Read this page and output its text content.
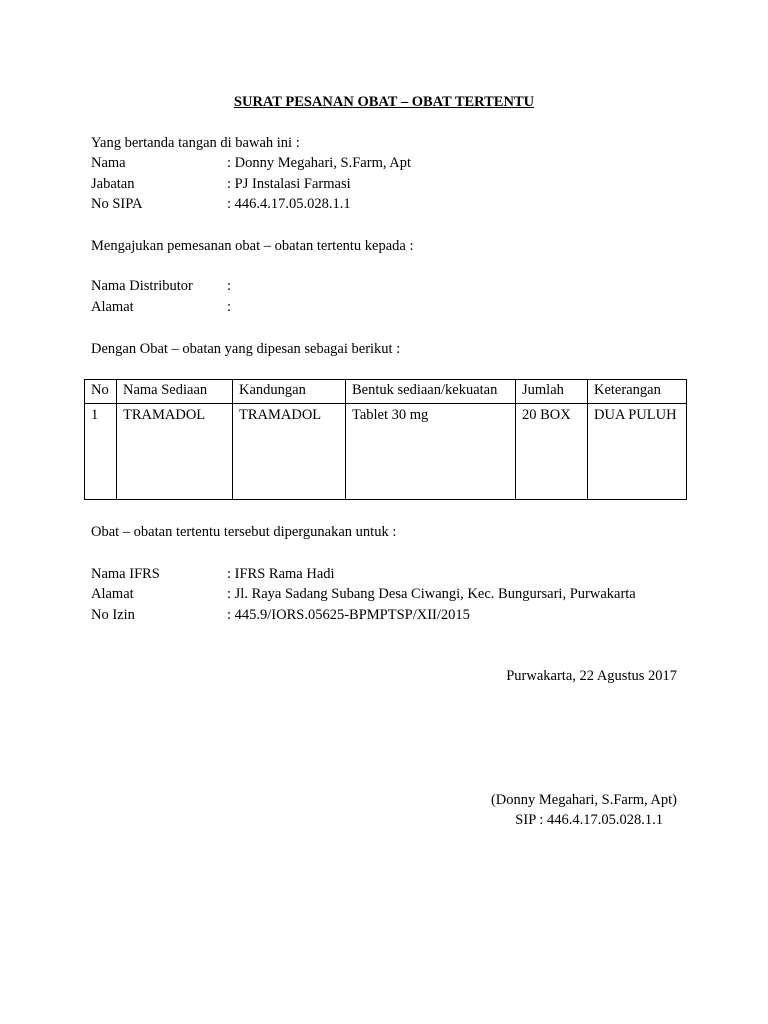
SURAT PESANAN OBAT – OBAT TERTENTU
Yang bertanda tangan di bawah ini :
Nama	: Donny Megahari, S.Farm, Apt
Jabatan	: PJ Instalasi Farmasi
No SIPA	: 446.4.17.05.028.1.1
Mengajukan pemesanan obat – obatan tertentu kepada :
Nama Distributor :
Alamat	:
Dengan Obat – obatan yang dipesan sebagai berikut :
No	Nama Sediaan	Kandungan	Bentuk sediaan/kekuatan	Jumlah	Keterangan
1	TRAMADOL	TRAMADOL	Tablet 30 mg	20 BOX	DUA PULUH
Obat – obatan tertentu tersebut dipergunakan untuk :
Nama IFRS	: IFRS Rama Hadi
Alamat	: Jl. Raya Sadang Subang Desa Ciwangi, Kec. Bungursari, Purwakarta
No Izin	: 445.9/IORS.05625-BPMPTSP/XII/2015
Purwakarta, 22 Agustus 2017
(Donny Megahari, S.Farm, Apt)
SIP : 446.4.17.05.028.1.1
